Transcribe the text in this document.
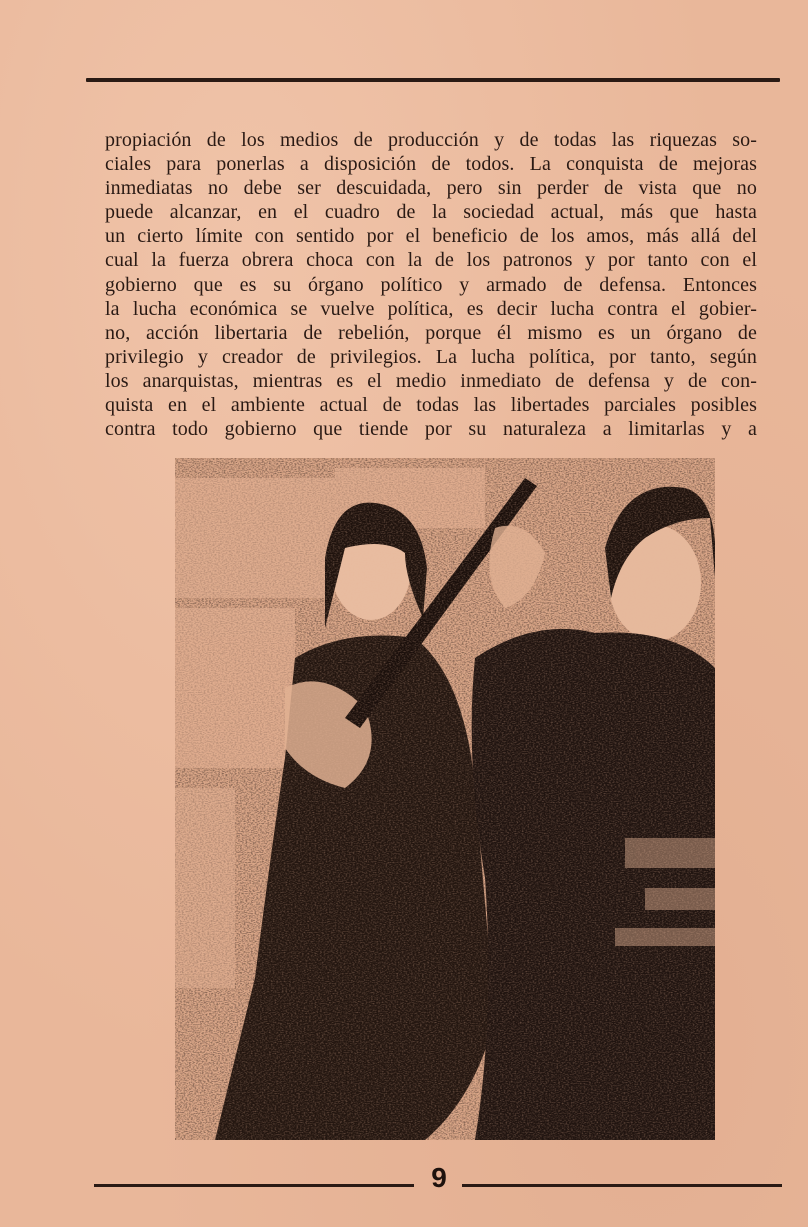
propiación de los medios de producción y de todas las riquezas so-
ciales para ponerlas a disposición de todos. La conquista de mejoras
inmediatas no debe ser descuidada, pero sin perder de vista que no
puede alcanzar, en el cuadro de la sociedad actual, más que hasta
un cierto límite con sentido por el beneficio de los amos, más allá del
cual la fuerza obrera choca con la de los patronos y por tanto con el
gobierno que es su órgano político y armado de defensa. Entonces
la lucha económica se vuelve política, es decir lucha contra el gobier-
no, acción libertaria de rebelión, porque él mismo es un órgano de
privilegio y creador de privilegios. La lucha política, por tanto, según
los anarquistas, mientras es el medio inmediato de defensa y de con-
quista en el ambiente actual de todas las libertades parciales posibles
contra todo gobierno que tiende por su naturaleza a limitarlas y a
9
